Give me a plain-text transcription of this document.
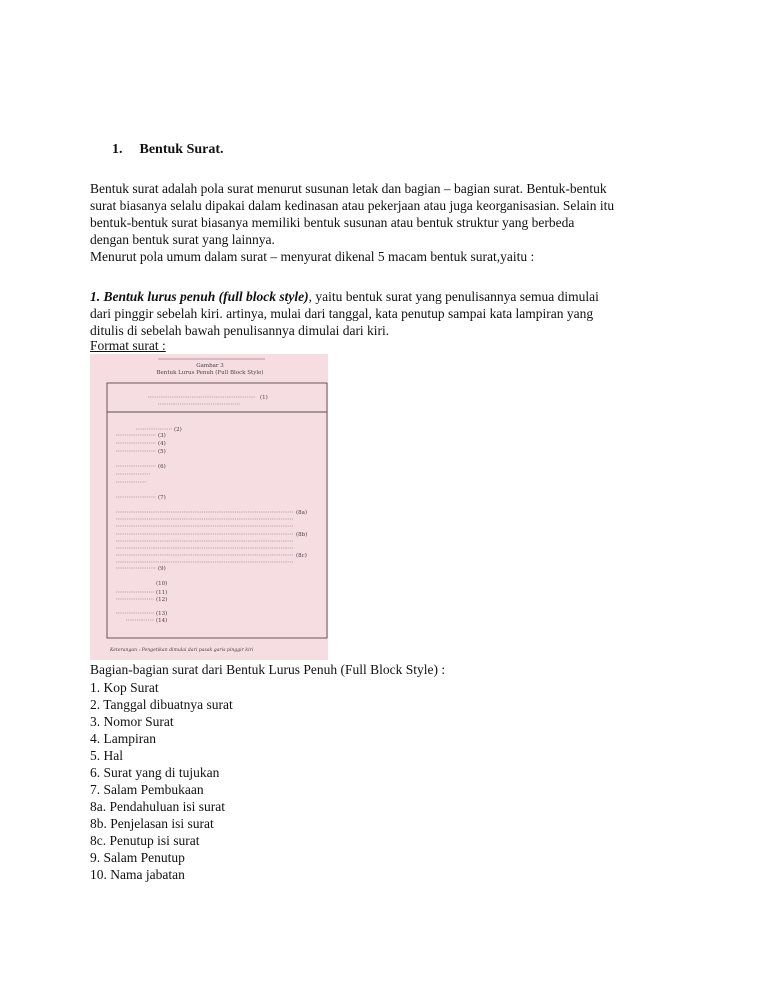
1. Bentuk Surat.
Bentuk surat adalah pola surat menurut susunan letak dan bagian – bagian surat. Bentuk-bentuk
surat biasanya selalu dipakai dalam kedinasan atau pekerjaan atau juga keorganisasian. Selain itu
bentuk-bentuk surat biasanya memiliki bentuk susunan atau bentuk struktur yang berbeda
dengan bentuk surat yang lainnya.
Menurut pola umum dalam surat – menyurat dikenal 5 macam bentuk surat,yaitu :
1. Bentuk lurus penuh (full block style), yaitu bentuk surat yang penulisannya semua dimulai
dari pinggir sebelah kiri. artinya, mulai dari tanggal, kata penutup sampai kata lampiran yang
ditulis di sebelah bawah penulisannya dimulai dari kiri.
Format surat :
Gambar 3
Bentuk Lurus Penuh (Full Block Style)
(1)
(2)
(3)
(4)
(5)
(6)
(7)
(8a)
(8b)
(8c)
(9)
(10)
(11)
(12)
(13)
(14)
Keterangan : Pengetikan dimulai dari pasak garis pinggir kiri
Bagian-bagian surat dari Bentuk Lurus Penuh (Full Block Style) :
1. Kop Surat
2. Tanggal dibuatnya surat
3. Nomor Surat
4. Lampiran
5. Hal
6. Surat yang di tujukan
7. Salam Pembukaan
8a. Pendahuluan isi surat
8b. Penjelasan isi surat
8c. Penutup isi surat
9. Salam Penutup
10. Nama jabatan
